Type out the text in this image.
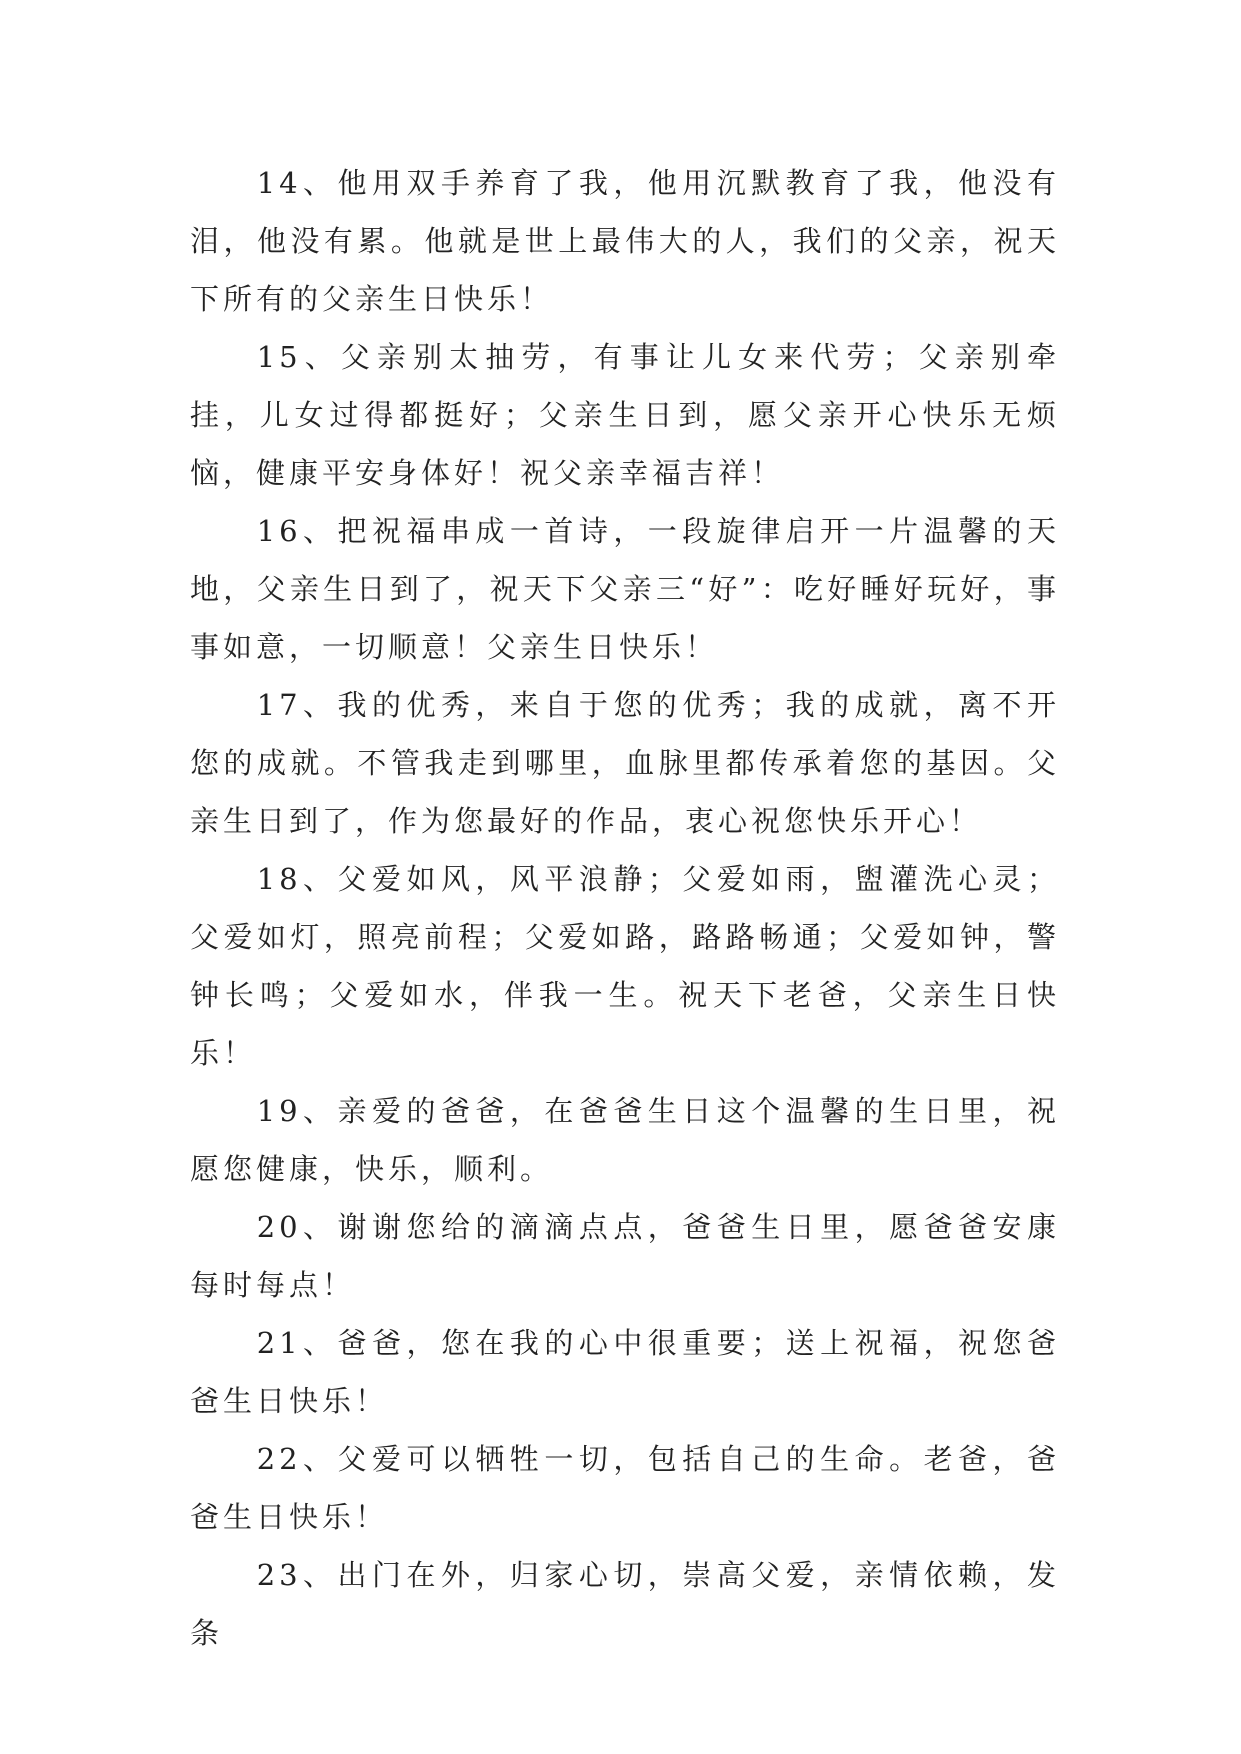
14、他用双手养育了我，他用沉默教育了我，他没有泪，他没有累。他就是世上最伟大的人，我们的父亲，祝天下所有的父亲生日快乐！

15、父亲别太抽劳，有事让儿女来代劳；父亲别牵挂，儿女过得都挺好；父亲生日到，愿父亲开心快乐无烦恼，健康平安身体好！祝父亲幸福吉祥！

16、把祝福串成一首诗，一段旋律启开一片温馨的天地，父亲生日到了，祝天下父亲三“好”：吃好睡好玩好，事事如意，一切顺意！父亲生日快乐！

17、我的优秀，来自于您的优秀；我的成就，离不开您的成就。不管我走到哪里，血脉里都传承着您的基因。父亲生日到了，作为您最好的作品，衷心祝您快乐开心！

18、父爱如风，风平浪静；父爱如雨，盥灌洗心灵；父爱如灯，照亮前程；父爱如路，路路畅通；父爱如钟，警钟长鸣；父爱如水，伴我一生。祝天下老爸，父亲生日快乐！

19、亲爱的爸爸，在爸爸生日这个温馨的生日里，祝愿您健康，快乐，顺利。

20、谢谢您给的滴滴点点，爸爸生日里，愿爸爸安康每时每点！

21、爸爸，您在我的心中很重要；送上祝福，祝您爸爸生日快乐！

22、父爱可以牺牲一切，包括自己的生命。老爸，爸爸生日快乐！

23、出门在外，归家心切，崇高父爱，亲情依赖，发条
